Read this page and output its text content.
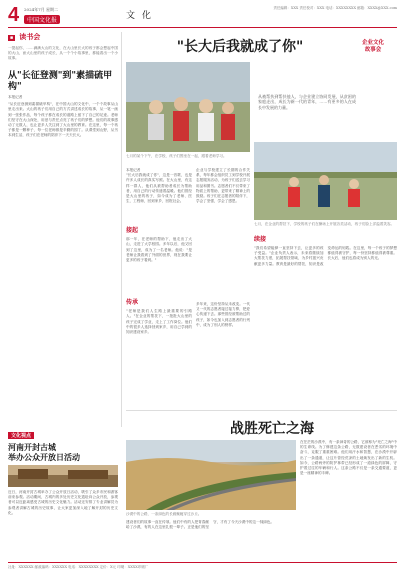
4 2024年7月 星期二
中国文化报	文 化
责任编辑：XXX 责任校对：XXX 电话：XXXXXXXX 邮箱：XXXX@XXX.com
■ 读书会
一提起你，……满满大山的文化，在大山里长大的孩子都会想起中国的大山，而大山里的孩子成长，从一个个小故事里，都能看出一个小故事。
从"长征登测"到"素描硫甲构"
本报记者
"从长征登测到素描硫甲构"，在中国大山的文化中，一个个故事从山里走出来。大山的孩子们用自己的方式讲述成长的故事，从一笔一画到一张张作品，每个孩子都在成长的道路上留下了自己的足迹。老师们坚守在大山深处，用爱与责任点亮了孩子们的梦想。他们的故事感动了无数人，也让更多人关注到了大山里的教育。在这里，每一个孩子都是一颗种子，每一位老师都是辛勤的园丁。从课堂到山野，从书本到生活，孩子们在老师的陪伴下一天天长大。
"长大后我就成了你"	企业文化
故事会
七月的某个下午，在学校，孩子们围坐在一起，跟着老师学习。
从被帮扶到帮扶他人，与企业建立协同发展，从贫困的家庭走出，成长为新一代的青年，……有更多的人在成长中发展的力量。
七月，在企业的帮扶下，学校的孩子们在操场上开展各类活动，孩子们脸上洋溢着笑容。
本报记者
"长大后我就成了你"，这是一首歌，也是许多人成长的真实写照。在大山里，有这样一群人，他们从被帮助者成长为帮助者，用自己的行动传递着温暖。他们曾经是大山里的孩子，如今成为了老师、医生、工程师，回到家乡，回报社会。
接起
那一年，在老师的帮助下，他走出了大山，走进了大学校园。多年以后，他又回到了这里，成为了一名老师。他说："是老师让我看到了外面的世界，现在我要让更多的孩子看到。"
传承
"老师是我们人生路上最重要的引路人。"在企业的帮扶下，一批批大山里的孩子完成了学业，走上了工作岗位。他们中的很多人选择回到家乡，用自己学到的知识建设家乡。
企业与学校建立了长期的合作关系，每年都会组织员工到学校开展志愿服务活动，为孩子们送去学习用品和图书。志愿者们不仅带来了物质上的帮助，更带来了精神上的鼓励。孩子们在志愿者的陪伴下，学会了坚强，学会了感恩。
多年来，这份坚持从未改变。一代又一代的志愿者接过接力棒，把爱心传递下去。那些曾经被帮助过的孩子，如今也加入到志愿者的行列中，成为了别人的榜样。
续接
"我们希望能够一直坚持下去，让更多的孩子受益。"企业负责人表示，未来将继续加大帮扶力度，拓展帮扶领域，为乡村振兴贡献更多力量。教育是最好的帮扶，知识是改变命运的钥匙。在这里，每一个孩子的梦想都值得被守护，每一份坚持都值得被尊重。长大后，他们也将成为别人的光。
文化视点
河南开封古城
举办公众开放日活动
近日，河南开封古城举办了公众开放日活动，吸引了众多市民和游客前来参观。活动期间，古城内的多处历史文化遗址向公众开放，参观者可以近距离感受古城的历史文化魅力。活动还安排了专业讲解员为参观者讲解古城的历史故事，让大家更加深入地了解开封的历史文化。
战胜死亡之海
沙漠中的公路，一条绿色的长廊蜿蜒穿过沙丘。
在茫茫的沙漠中，有一条神奇的公路，它被称为"死亡之海"中的生命线。为了修建这条公路，无数建设者在恶劣的环境中奋斗，克服了重重困难。他们用汗水和智慧，在沙漠中开辟出了一条通道，让这片曾经荒凉的土地焕发出了新的生机。如今，公路两旁的防护林带已经形成了一道绿色的屏障，守护着过往的车辆和行人。这条公路不仅是一条交通要道，更是一座精神的丰碑。
建设者们的故事一直在传颂。他们中有的人把青春献给了沙漠，有的人在这里扎根一辈子。正是他们的坚守，才有了今天沙漠中的这一抹绿色。
社址：XXXXXX 邮政编码：XXXXXX 电话：XXXXXXXX 定价：X元 印刷：XXXX印刷厂
